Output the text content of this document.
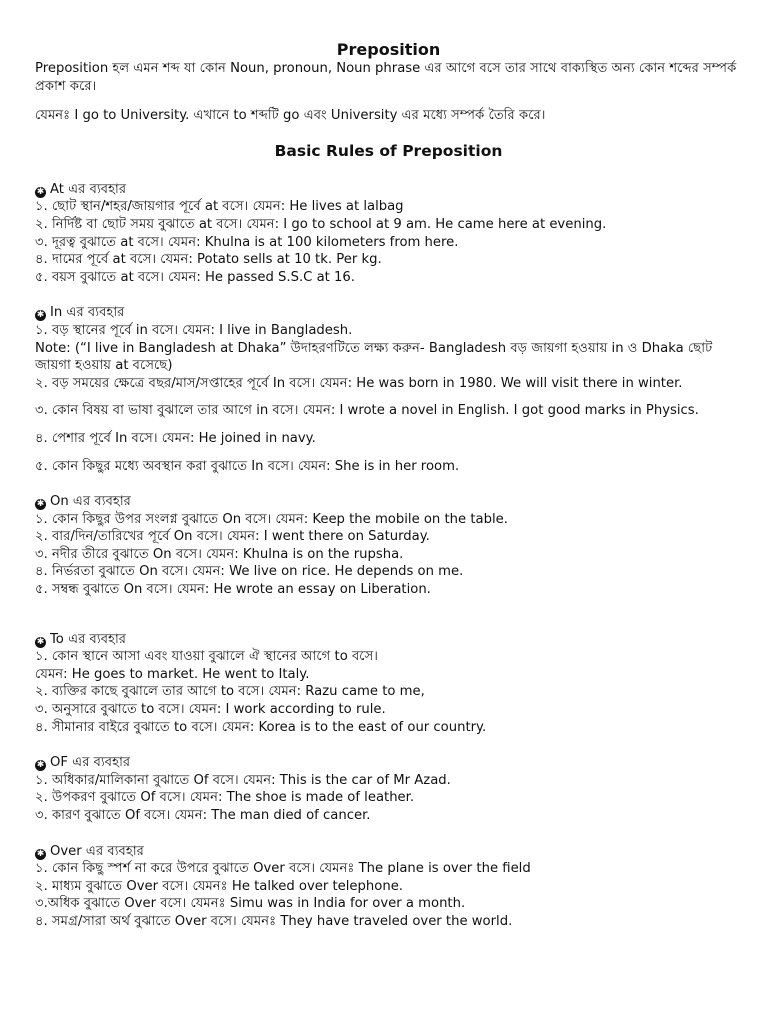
Preposition

Preposition হল এমন শব্দ যা কোন Noun, pronoun, Noun phrase এর আগে বসে তার সাথে বাক্যস্থিত অন্য কোন শব্দের সম্পর্ক প্রকাশ করে।

যেমনঃ I go to University. এখানে to শব্দটি go এবং University এর মধ্যে সম্পর্ক তৈরি করে।

Basic Rules of Preposition

✱ At এর ব্যবহার

১. ছোট স্থান/শহর/জায়গার পূর্বে at বসে। যেমন: He lives at lalbag

২. নির্দিষ্ট বা ছোট সময় বুঝাতে at বসে। যেমন: I go to school at 9 am. He came here at evening.

৩. দূরত্ব বুঝাতে at বসে। যেমন: Khulna is at 100 kilometers from here.

৪. দামের পূর্বে at বসে। যেমন: Potato sells at 10 tk. Per kg.

৫. বয়স বুঝাতে at বসে। যেমন: He passed S.S.C at 16.

✱ In এর ব্যবহার

১. বড় স্থানের পূর্বে in বসে। যেমন: I live in Bangladesh.

Note: (“I live in Bangladesh at Dhaka” উদাহরণটিতে লক্ষ্য করুন- Bangladesh বড় জায়গা হওয়ায় in ও Dhaka ছোট জায়গা হওয়ায় at বসেছে)

২. বড় সময়ের ক্ষেত্রে বছর/মাস/সপ্তাহের পূর্বে In বসে। যেমন: He was born in 1980. We will visit there in winter.

৩. কোন বিষয় বা ভাষা বুঝালে তার আগে in বসে। যেমন: I wrote a novel in English. I got good marks in Physics.

৪. পেশার পূর্বে In বসে। যেমন: He joined in navy.

৫. কোন কিছুর মধ্যে অবস্থান করা বুঝাতে In বসে। যেমন: She is in her room.

✱ On এর ব্যবহার

১. কোন কিছুর উপর সংলগ্ন বুঝাতে On বসে। যেমন: Keep the mobile on the table.

২. বার/দিন/তারিখের পূর্বে On বসে। যেমন: I went there on Saturday.

৩. নদীর তীরে বুঝাতে On বসে। যেমন: Khulna is on the rupsha.

৪. নির্ভরতা বুঝাতে On বসে। যেমন: We live on rice. He depends on me.

৫. সম্বন্ধ বুঝাতে On বসে। যেমন: He wrote an essay on Liberation.

✱ To এর ব্যবহার

১. কোন স্থানে আসা এবং যাওয়া বুঝালে ঐ স্থানের আগে to বসে।

যেমন: He goes to market. He went to Italy.

২. ব্যক্তির কাছে বুঝালে তার আগে to বসে। যেমন: Razu came to me,

৩. অনুসারে বুঝাতে to বসে। যেমন: I work according to rule.

৪. সীমানার বাইরে বুঝাতে to বসে। যেমন: Korea is to the east of our country.

✱ OF এর ব্যবহার

১. অধিকার/মালিকানা বুঝাতে Of বসে। যেমন: This is the car of Mr Azad.

২. উপকরণ বুঝাতে Of বসে। যেমন: The shoe is made of leather.

৩. কারণ বুঝাতে Of বসে। যেমন: The man died of cancer.

✱ Over এর ব্যবহার

১. কোন কিছু স্পর্শ না করে উপরে বুঝাতে Over বসে। যেমনঃ The plane is over the field

২. মাধ্যম বুঝাতে Over বসে। যেমনঃ He talked over telephone.

৩.অধিক বুঝাতে Over বসে। যেমনঃ Simu was in India for over a month.

৪. সমগ্র/সারা অর্থ বুঝাতে Over বসে। যেমনঃ They have traveled over the world.
